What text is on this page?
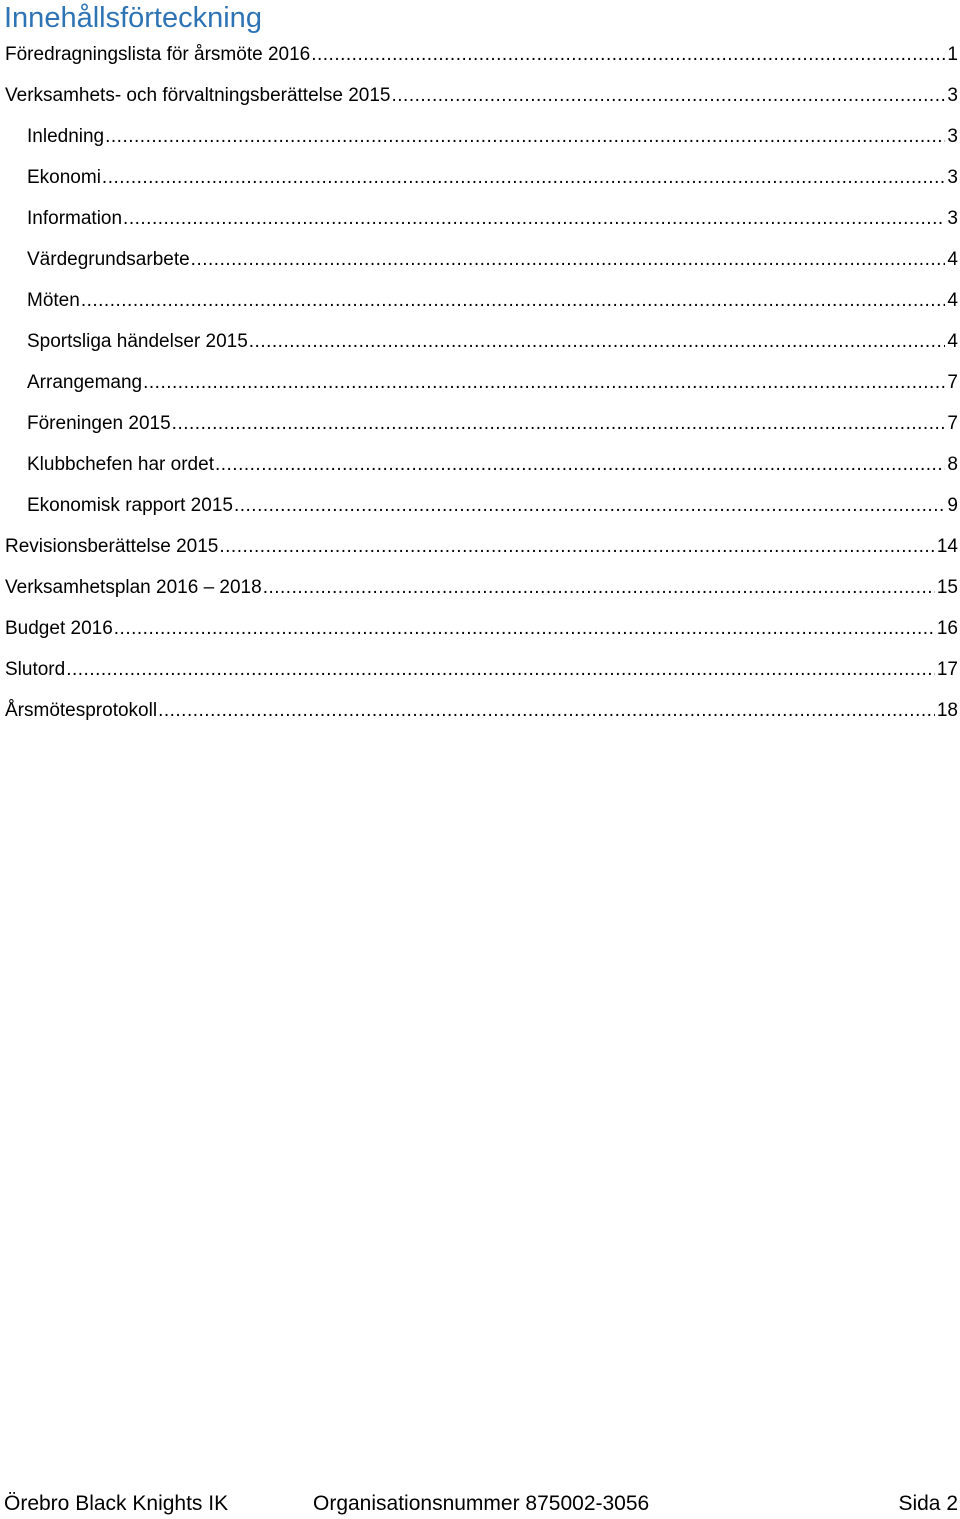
Innehållsförteckning
Föredragningslista för årsmöte 2016 .....	1
Verksamhets- och förvaltningsberättelse 2015 .....	3
Inledning .....	3
Ekonomi .....	3
Information .....	3
Värdegrundsarbete .....	4
Möten .....	4
Sportsliga händelser 2015 .....	4
Arrangemang .....	7
Föreningen 2015 .....	7
Klubbchefen har ordet .....	8
Ekonomisk rapport 2015 .....	9
Revisionsberättelse 2015 .....	14
Verksamhetsplan 2016 – 2018 .....	15
Budget 2016 .....	16
Slutord .....	17
Årsmötesprotokoll .....	18
Örebro Black Knights IK	Organisationsnummer 875002-3056	Sida 2
